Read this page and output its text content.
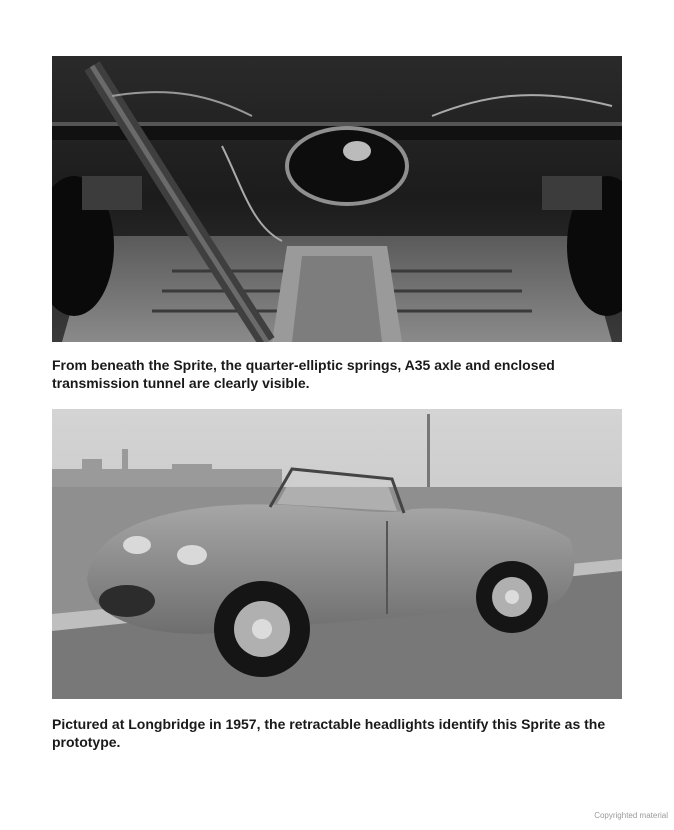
From beneath the Sprite, the quarter-elliptic springs, A35 axle and enclosed transmission tunnel are clearly visible.

Pictured at Longbridge in 1957, the retractable headlights identify this Sprite as the prototype.

Copyrighted material
